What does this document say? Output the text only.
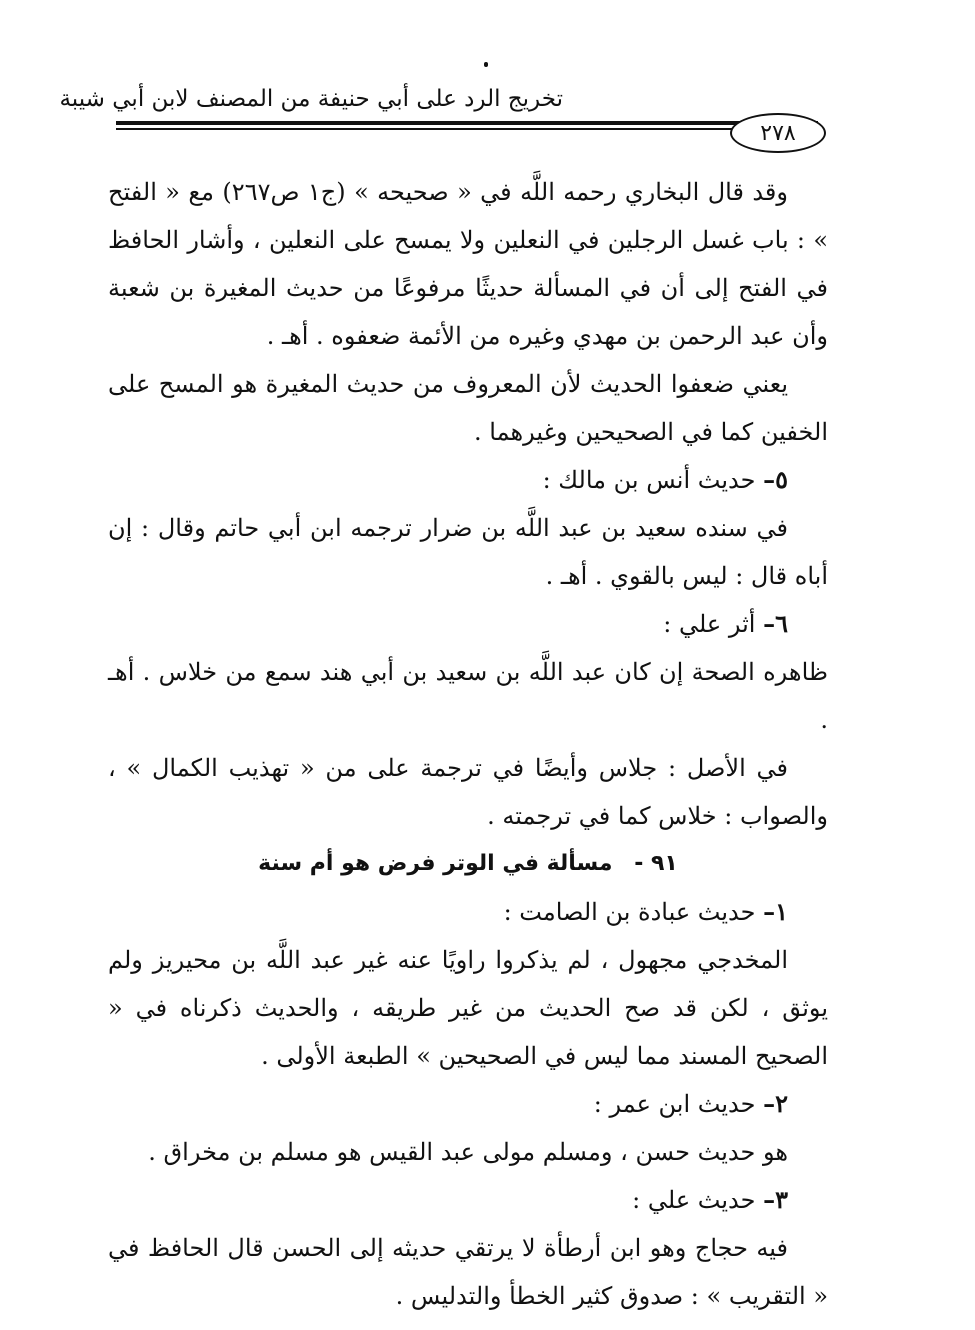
تخريج الرد على أبي حنيفة من المصنف لابن أبي شيبة
٢٧٨

وقد قال البخاري رحمه اللَّه في « صحيحه » (ج١ ص٢٦٧) مع « الفتح » : باب غسل الرجلين في النعلين ولا يمسح على النعلين ، وأشار الحافظ في الفتح إلى أن في المسألة حديثًا مرفوعًا من حديث المغيرة بن شعبة وأن عبد الرحمن بن مهدي وغيره من الأئمة ضعفوه . أهـ .

يعني ضعفوا الحديث لأن المعروف من حديث المغيرة هو المسح على الخفين كما في الصحيحين وغيرهما .

٥– حديث أنس بن مالك :

في سنده سعيد بن عبد اللَّه بن ضرار ترجمه ابن أبي حاتم وقال : إن أباه قال : ليس بالقوي . أهـ .

٦– أثر علي :

ظاهره الصحة إن كان عبد اللَّه بن سعيد بن أبي هند سمع من خلاس . أهـ .

في الأصل : جلاس وأيضًا في ترجمة على من « تهذيب الكمال » ، والصواب : خلاس كما في ترجمته .

٩١ - مسألة في الوتر فرض هو أم سنة

١– حديث عبادة بن الصامت :

المخدجي مجهول ، لم يذكروا راويًا عنه غير عبد اللَّه بن محيريز ولم يوثق ، لكن قد صح الحديث من غير طريقه ، والحديث ذكرناه في « الصحيح المسند مما ليس في الصحيحين » الطبعة الأولى .

٢– حديث ابن عمر :

هو حديث حسن ، ومسلم مولى عبد القيس هو مسلم بن مخراق .

٣– حديث علي :

فيه حجاج وهو ابن أرطأة لا يرتقي حديثه إلى الحسن قال الحافظ في « التقريب » : صدوق كثير الخطأ والتدليس .
